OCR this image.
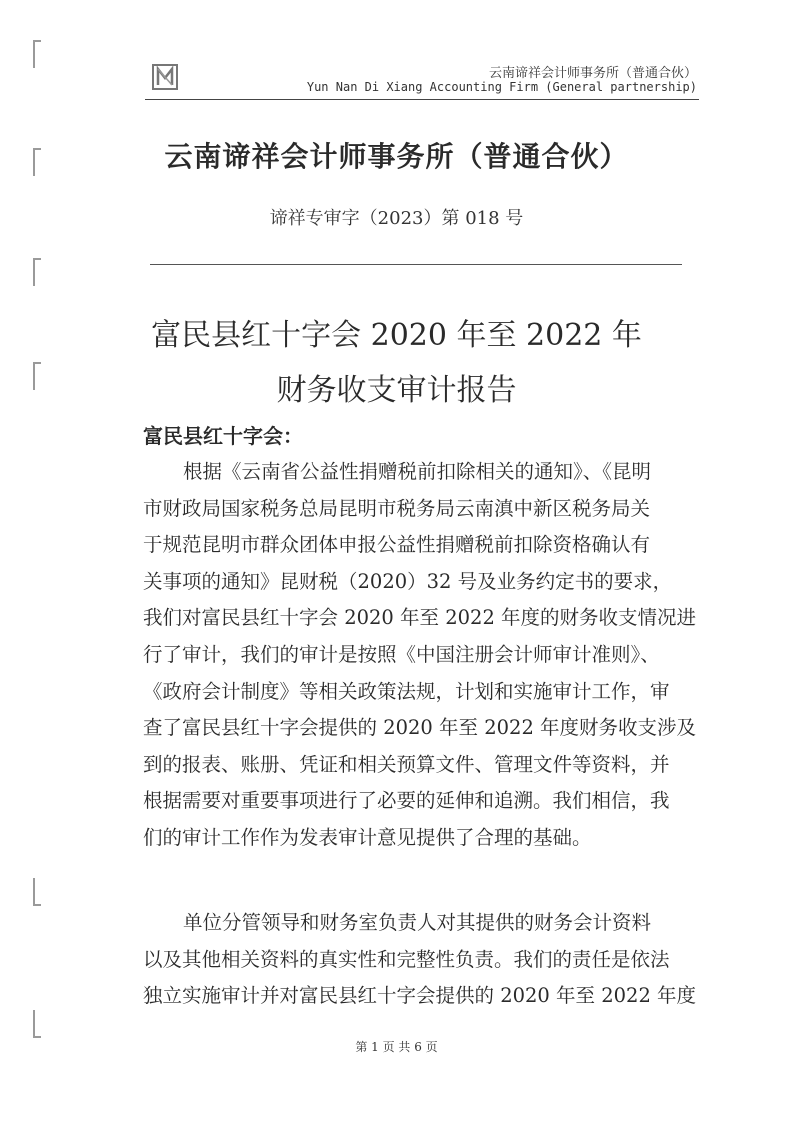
云南谛祥会计师事务所（普通合伙）
Yun Nan Di Xiang Accounting Firm (General partnership)
云南谛祥会计师事务所（普通合伙）
谛祥专审字（2023）第 018 号
富民县红十字会 2020 年至 2022 年
财务收支审计报告
富民县红十字会：
根据《云南省公益性捐赠税前扣除相关的通知》、《昆明
市财政局国家税务总局昆明市税务局云南滇中新区税务局关
于规范昆明市群众团体申报公益性捐赠税前扣除资格确认有
关事项的通知》昆财税（2020）32 号及业务约定书的要求，
我们对富民县红十字会 2020 年至 2022 年度的财务收支情况进
行了审计，我们的审计是按照《中国注册会计师审计准则》、
《政府会计制度》等相关政策法规，计划和实施审计工作，审
查了富民县红十字会提供的 2020 年至 2022 年度财务收支涉及
到的报表、账册、凭证和相关预算文件、管理文件等资料，并
根据需要对重要事项进行了必要的延伸和追溯。我们相信，我
们的审计工作作为发表审计意见提供了合理的基础。
单位分管领导和财务室负责人对其提供的财务会计资料
以及其他相关资料的真实性和完整性负责。我们的责任是依法
独立实施审计并对富民县红十字会提供的 2020 年至 2022 年度
第 1 页 共 6 页
